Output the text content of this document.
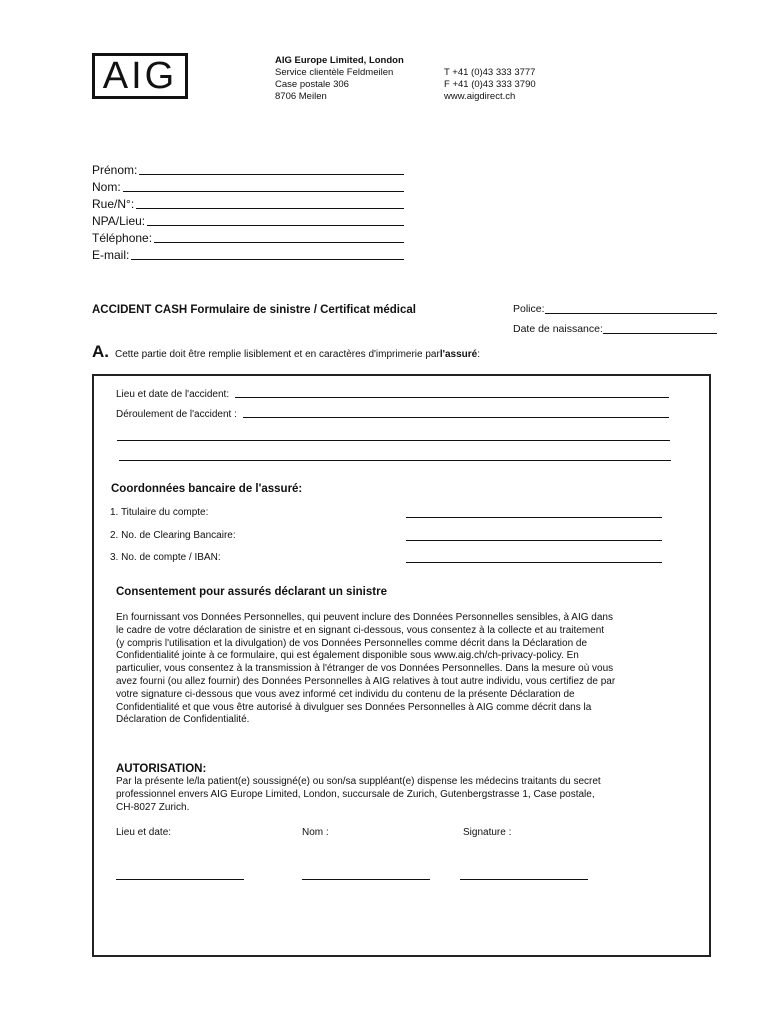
AIG	AIG Europe Limited, London
Service clientèle Feldmeilen
Case postale 306
8706 Meilen
T +41 (0)43 333 3777
F +41 (0)43 333 3790
www.aigdirect.ch
Prénom:
Nom:
Rue/N°:
NPA/Lieu:
Téléphone:
E-mail:
ACCIDENT CASH Formulaire de sinistre / Certificat médical	Police:
Date de naissance:
A. Cette partie doit être remplie lisiblement et en caractères d'imprimerie par l'assuré :
Lieu et date de l'accident:
Déroulement de l'accident :
Coordonnées bancaire de l'assuré:
1. Titulaire du compte:
2. No. de Clearing Bancaire:
3. No. de compte / IBAN:
Consentement pour assurés déclarant un sinistre
En fournissant vos Données Personnelles, qui peuvent inclure des Données Personnelles sensibles, à AIG dans
le cadre de votre déclaration de sinistre et en signant ci-dessous, vous consentez à la collecte et au traitement
(y compris l'utilisation et la divulgation) de vos Données Personnelles comme décrit dans la Déclaration de
Confidentialité jointe à ce formulaire, qui est également disponible sous www.aig.ch/ch-privacy-policy. En
particulier, vous consentez à la transmission à l'étranger de vos Données Personnelles. Dans la mesure où vous
avez fourni (ou allez fournir) des Données Personnelles à AIG relatives à tout autre individu, vous certifiez de par
votre signature ci-dessous que vous avez informé cet individu du contenu de la présente Déclaration de
Confidentialité et que vous être autorisé à divulguer ses Données Personnelles à AIG comme décrit dans la
Déclaration de Confidentialité.
AUTORISATION:
Par la présente le/la patient(e) soussigné(e) ou son/sa suppléant(e) dispense les médecins traitants du secret
professionnel envers AIG Europe Limited, London, succursale de Zurich, Gutenbergstrasse 1, Case postale,
CH-8027 Zurich.
Lieu et date:	Nom :	Signature :
